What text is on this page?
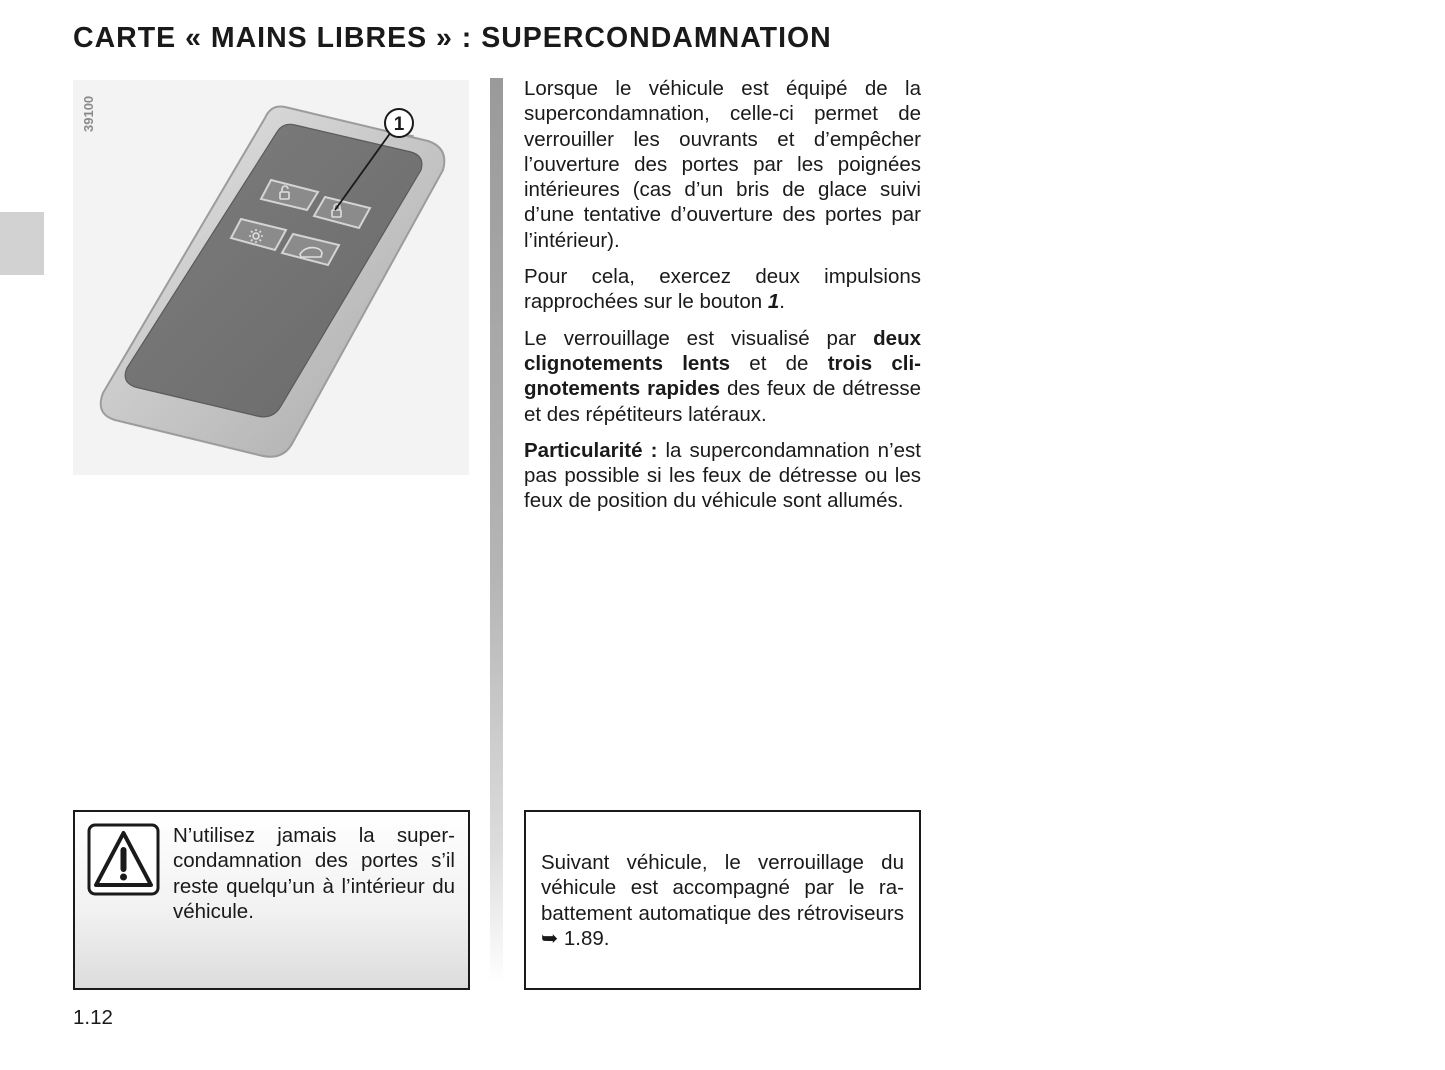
CARTE « MAINS LIBRES » : SUPERCONDAMNATION
39100	1

Lorsque le véhicule est équipé de la supercondamnation, celle-ci permet de verrouiller les ouvrants et d’empêcher l’ouverture des portes par les poignées intérieures (cas d’un bris de glace suivi d’une tentative d’ouverture des portes par l’intérieur).

Pour cela, exercez deux impulsions rapprochées sur le bouton 1.

Le verrouillage est visualisé par deux clignotements lents et de trois clignotements rapides des feux de détresse et des répétiteurs latéraux.

Particularité : la supercondamnation n’est pas possible si les feux de détresse ou les feux de position du véhicule sont allumés.

N’utilisez jamais la supercondamnation des portes s’il reste quelqu’un à l’intérieur du véhicule.
Suivant véhicule, le verrouillage du véhicule est accompagné par le rabattement automatique des rétroviseurs ➥ 1.89.
1.12
